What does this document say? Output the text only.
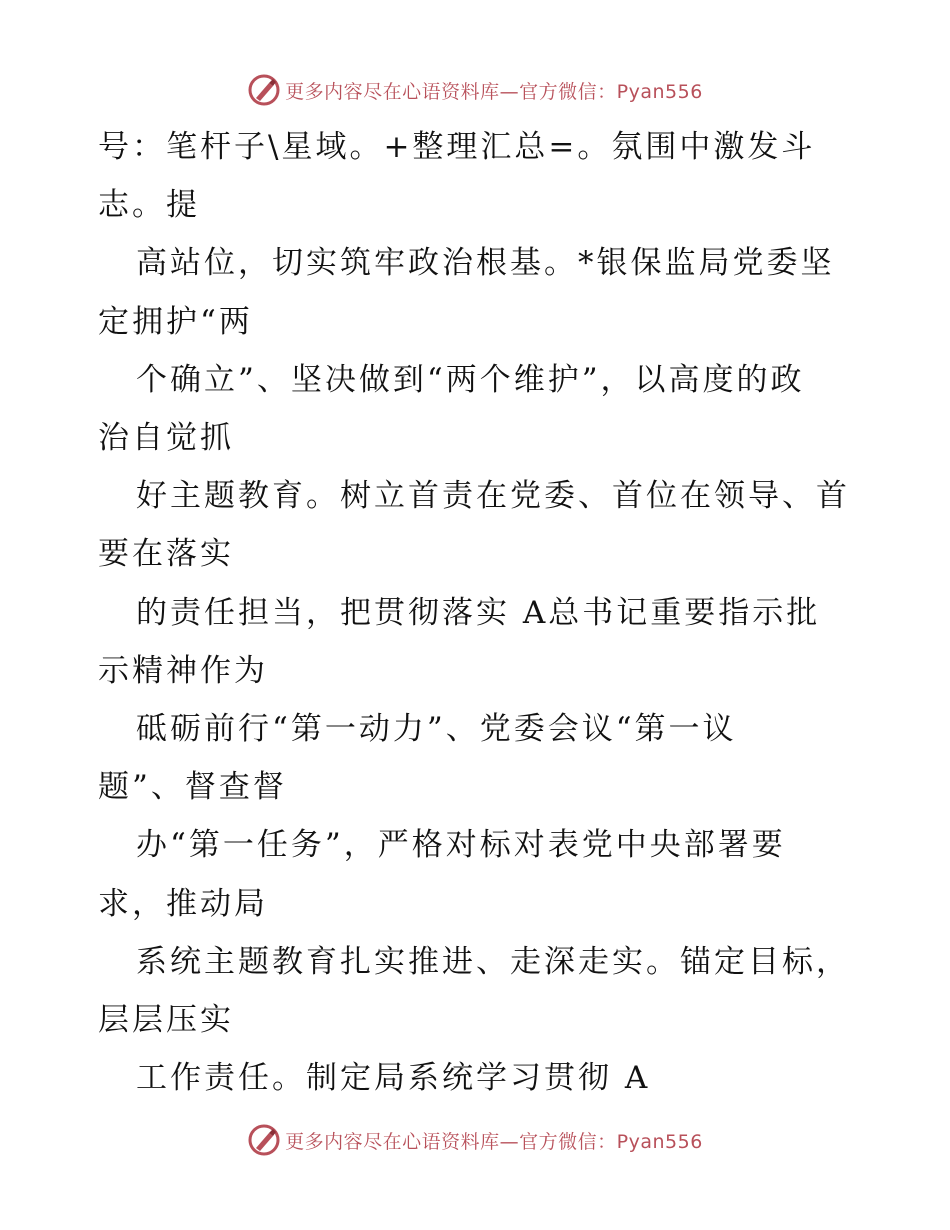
更多内容尽在心语资料库—官方微信：Pyan556
号：笔杆子\星域。+整理汇总=。氛围中激发斗
志。提
高站位，切实筑牢政治根基。*银保监局党委坚
定拥护“两
个确立”、坚决做到“两个维护”，以高度的政
治自觉抓
好主题教育。树立首责在党委、首位在领导、首
要在落实
的责任担当，把贯彻落实 A总书记重要指示批
示精神作为
砥砺前行“第一动力”、党委会议“第一议
题”、督查督
办“第一任务”，严格对标对表党中央部署要
求，推动局
系统主题教育扎实推进、走深走实。锚定目标，
层层压实
工作责任。制定局系统学习贯彻 A
更多内容尽在心语资料库—官方微信：Pyan556
